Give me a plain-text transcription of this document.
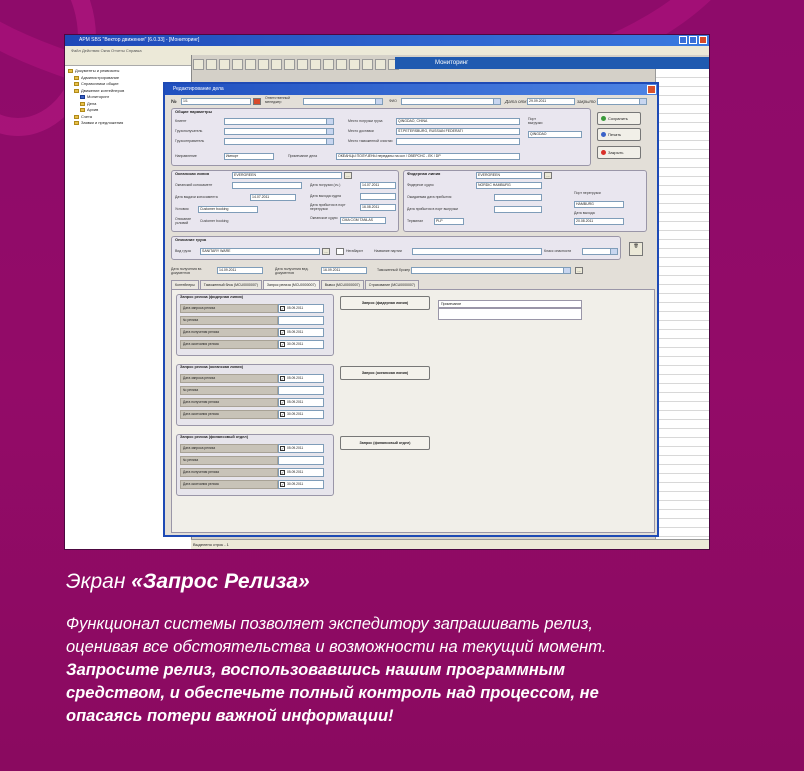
АРМ SBS "Вектор движения" [6.0.33] - [Мониторинг]
Файл Действия Окна Отчеты Справка
Документы и реквизиты
Администрирование
Справочники общие
Движение контейнеров
Мониторинг
Дела
Архив
Счета
Заявки и предложения
Мониторинг
Выделено строк - 1
Редактирование дела
№	1/1
Ответственный менеджер	ФИО	Дата отк 29.09.2011	закрыто
Общие параметры
Клиент
Грузополучатель
Грузоотправитель
Направление	Импорт
Место погрузки груза	QINGDAO, CHINA
Место доставки	ST.PETERSBURG, RUSSIAN FEDERATI
Место таможенной очистки
Примечание дела	ОКЕАНЦЫ ПОЛУЧЕНЫ переданы на скл / OBEPCHC - EK / DP
Порт выгрузки
QINGDAO
Сохранить
Печать
Закрыть
Океанская линия	EVERGREEN	...
Океанский коносамент
Дата выдачи коносамента	14.07.2011
Условия	Customer booking
Описание условий	Customer booking
Дата погрузки (сч.)	14.07.2011
Дата выхода судна
Дата прибытия в порт перегрузки	16.08.2011
Океанское судно	CMA CGM TANLAS
Фидерная линия	EVERGREEN	...
Фидерное судно	NORDIC HAMBURG
Ожидаемая дата прибытия
Дата прибытия в порт выгрузки
Терминал	PLP
Порт перегрузки
HAMBURG
Дата выхода
20.08.2011
Описание груза
Вид груза	SANITARY WARE	...	Негабарит	Название партии	Класс опасности
🗑
Дата получения вх. документов
14.09.2011	Дата получения вед. документов
16.09.2011	Таможенный брокер	...
Контейнеры	Таможенный блок (МСU0000007)	Запрос релиза (МСU0000007)	Вывоз (МСU0000007)	Страхование (МСU0000007)
Примечание
Запрос релиза (фидерная линия)
Дата запроса релиза	✓ 05.09.2011
№ релиза
Дата получения релиза	✓ 05.09.2011
Дата окончания релиза	✓ 30.09.2011
Запрос (фидерная линия)
Запрос релиза (океанская линия)
Дата запроса релиза	✓ 05.09.2011
№ релиза
Дата получения релиза	✓ 05.09.2011
Дата окончания релиза	✓ 30.09.2011
Запрос (океанская линия)
Запрос релиза (финансовый отдел)
Дата запроса релиза	✓ 05.09.2011
№ релиза
Дата получения релиза	✓ 05.09.2011
Дата окончания релиза	✓ 30.09.2011
Запрос (финансовый отдел)
Экран «Запрос Релиза»
Функционал системы позволяет экспедитору запрашивать релиз,
оценивая все обстоятельства и возможности на текущий момент.
Запросите релиз, воспользовавшись нашим программным
средством, и обеспечьте полный контроль над процессом, не
опасаясь потери важной информации!
